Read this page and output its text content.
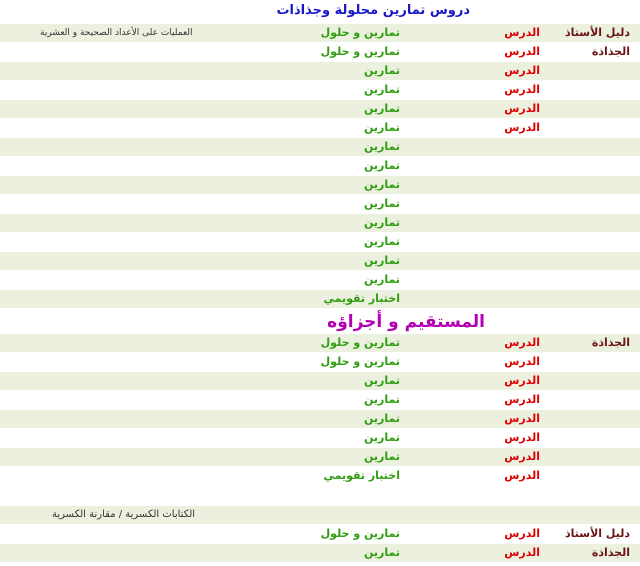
دروس تمارين محلولة وجذاذات
دليل الأستاذ
الدرس
تمارين و حلول
العمليات على الأعداد الصحيحة و العشرية
الجذاذة
الدرس
تمارين و حلول
الدرس
تمارين
الدرس
تمارين
الدرس
تمارين
الدرس
تمارين
تمارين
تمارين
تمارين
تمارين
تمارين
تمارين
تمارين
تمارين
اختبار تقويمي
المستقيم و أجزاؤه
الجذاذة
الدرس
تمارين و حلول
الدرس
تمارين و حلول
الدرس
تمارين
الدرس
تمارين
الدرس
تمارين
الدرس
تمارين
الدرس
تمارين
الدرس
اختبار تقويمي
الكتابات الكسرية / مقارنة الكسرية
دليل الأستاذ
الدرس
تمارين و حلول
الجذاذة
الدرس
تمارين
